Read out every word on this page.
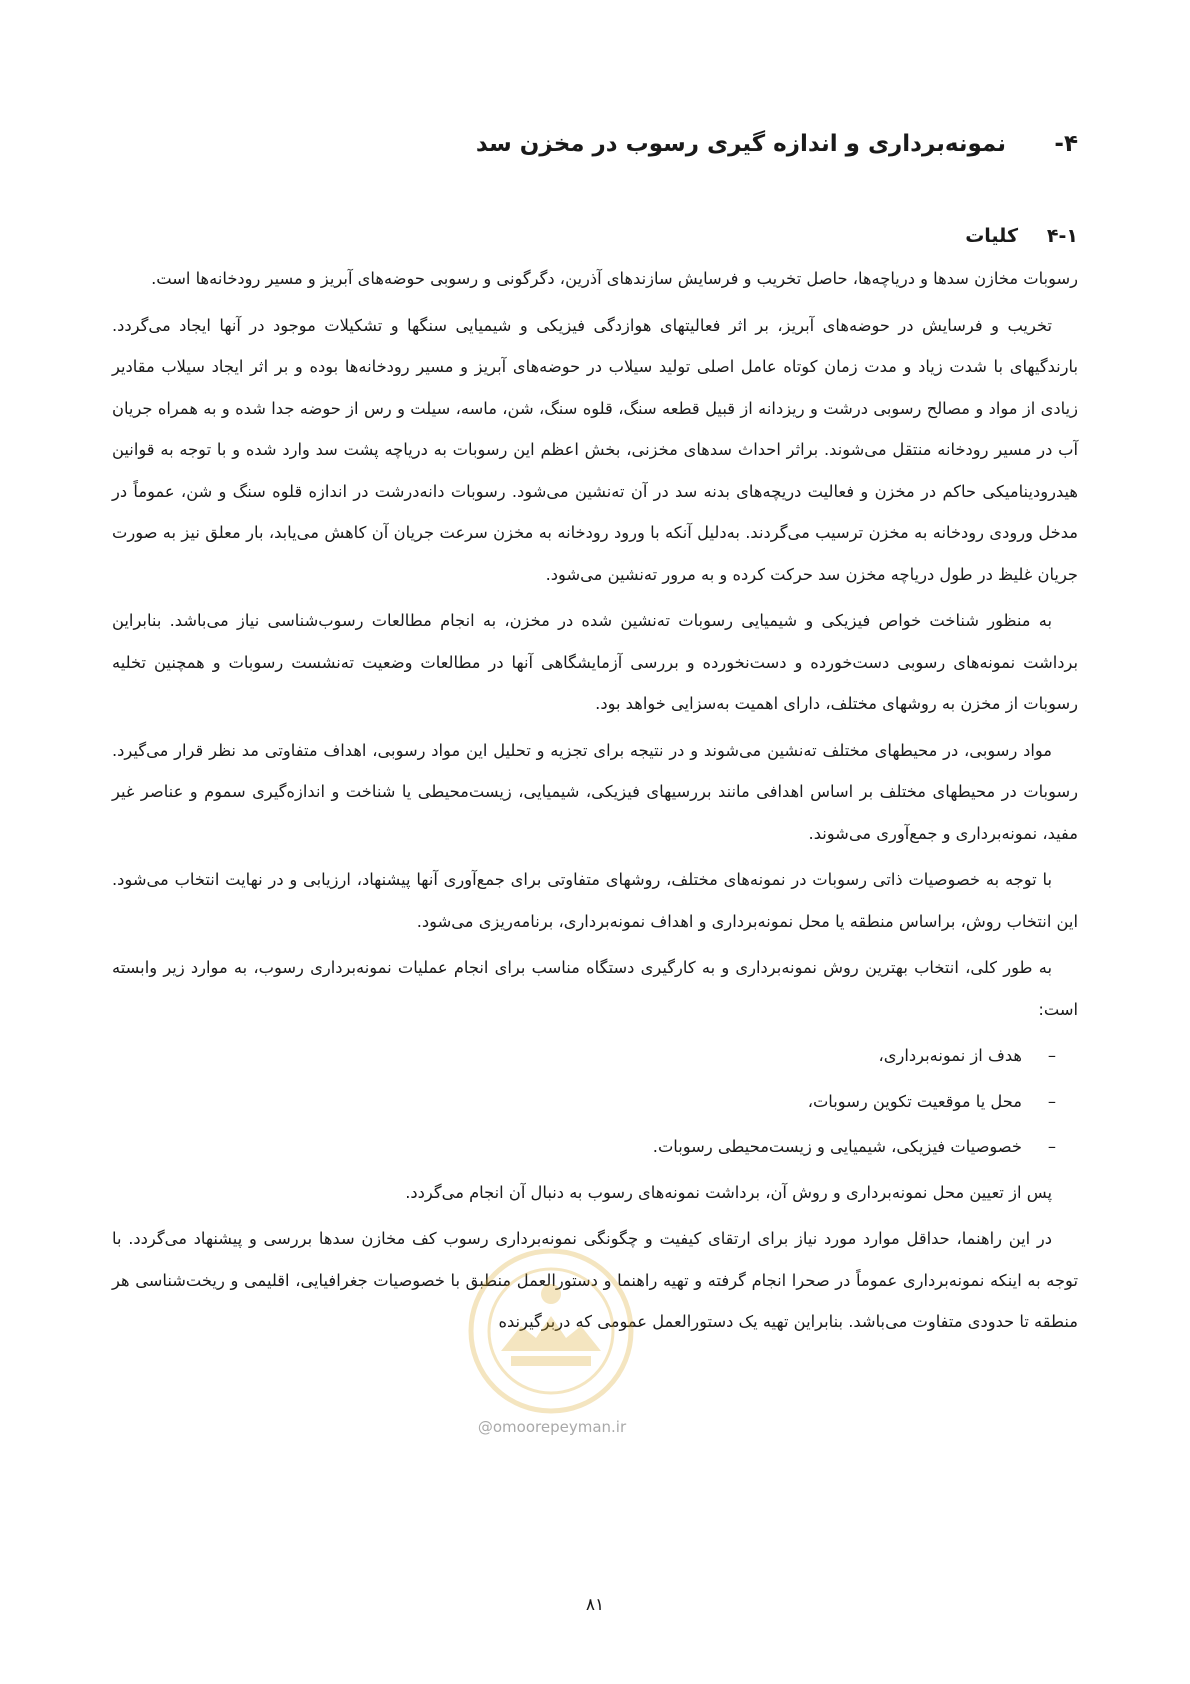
۴-نمونه‌برداری و اندازه گیری رسوب در مخزن سد
۴-۱کلیات

رسوبات مخازن سدها و دریاچه‌ها، حاصل تخریب و فرسایش سازندهای آذرین، دگرگونی و رسوبی حوضه‌های آبریز و مسیر رودخانه‌ها است.

تخریب و فرسایش در حوضه‌های آبریز، بر اثر فعالیتهای هوازدگی فیزیکی و شیمیایی سنگها و تشکیلات موجود در آنها ایجاد می‌گردد. بارندگیهای با شدت زیاد و مدت زمان کوتاه عامل اصلی تولید سیلاب در حوضه‌های آبریز و مسیر رودخانه‌ها بوده و بر اثر ایجاد سیلاب مقادیر زیادی از مواد و مصالح رسوبی درشت و ریزدانه از قبیل قطعه سنگ، قلوه سنگ، شن، ماسه، سیلت و رس از حوضه جدا شده و به همراه جریان آب در مسیر رودخانه منتقل می‌شوند. براثر احداث سدهای مخزنی، بخش اعظم این رسوبات به دریاچه پشت سد وارد شده و با توجه به قوانین هیدرودینامیکی حاکم در مخزن و فعالیت دریچه‌های بدنه سد در آن ته‌نشین می‌شود. رسوبات دانه‌درشت در اندازه قلوه سنگ و شن، عموماً در مدخل ورودی رودخانه به مخزن ترسیب می‌گردند. به‌دلیل آنکه با ورود رودخانه به مخزن سرعت جریان آن کاهش می‌یابد، بار معلق نیز به صورت جریان غلیظ در طول دریاچه مخزن سد حرکت کرده و به مرور ته‌نشین می‌شود.

به منظور شناخت خواص فیزیکی و شیمیایی رسوبات ته‌نشین شده در مخزن، به انجام مطالعات رسوب‌شناسی نیاز می‌باشد. بنابراین برداشت نمونه‌های رسوبی دست‌خورده و دست‌نخورده و بررسی آزمایشگاهی آنها در مطالعات وضعیت ته‌نشست رسوبات و همچنین تخلیه رسوبات از مخزن به روشهای مختلف، دارای اهمیت به‌سزایی خواهد بود.

مواد رسوبی، در محیطهای مختلف ته‌نشین می‌شوند و در نتیجه برای تجزیه و تحلیل این مواد رسوبی، اهداف متفاوتی مد نظر قرار می‌گیرد. رسوبات در محیطهای مختلف بر اساس اهدافی مانند بررسیهای فیزیکی، شیمیایی، زیست‌محیطی یا شناخت و اندازه‌گیری سموم و عناصر غیر مفید، نمونه‌برداری و جمع‌آوری می‌شوند.

با توجه به خصوصیات ذاتی رسوبات در نمونه‌های مختلف، روشهای متفاوتی برای جمع‌آوری آنها پیشنهاد، ارزیابی و در نهایت انتخاب می‌شود. این انتخاب روش، براساس منطقه یا محل نمونه‌برداری و اهداف نمونه‌برداری، برنامه‌ریزی می‌شود.

به طور کلی، انتخاب بهترین روش نمونه‌برداری و به کارگیری دستگاه مناسب برای انجام عملیات نمونه‌برداری رسوب، به موارد زیر وابسته است:

–هدف از نمونه‌برداری،
–محل یا موقعیت تکوین رسوبات،
–خصوصیات فیزیکی، شیمیایی و زیست‌محیطی رسوبات.

پس از تعیین محل نمونه‌برداری و روش آن، برداشت نمونه‌های رسوب به دنبال آن انجام می‌گردد.

در این راهنما، حداقل موارد مورد نیاز برای ارتقای کیفیت و چگونگی نمونه‌برداری رسوب کف مخازن سدها بررسی و پیشنهاد می‌گردد. با توجه به اینکه نمونه‌برداری عموماً در صحرا انجام گرفته و تهیه راهنما و دستورالعمل منطبق با خصوصیات جغرافیایی، اقلیمی و ریخت‌شناسی هر منطقه تا حدودی متفاوت می‌باشد. بنابراین تهیه یک دستورالعمل عمومی که دربرگیرنده

@omoorepeyman.ir
۸۱
